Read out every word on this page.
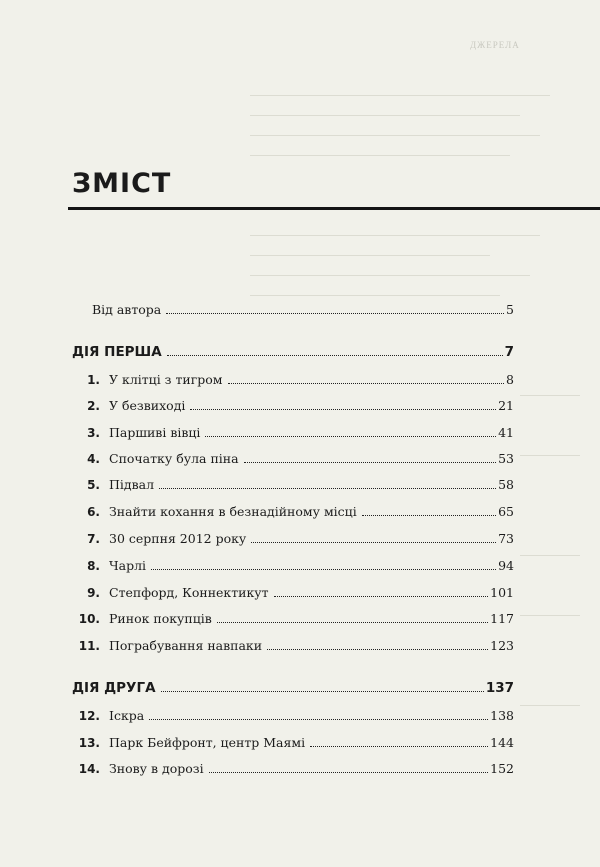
ДЖЕРЕЛА
ЗМІСТ
Від автора	5
ДІЯ ПЕРША	7
1. У клітці з тигром	8
2. У безвиході	21
3. Паршиві вівці	41
4. Спочатку була піна	53
5. Підвал	58
6. Знайти кохання в безнадійному місці	65
7. 30 серпня 2012 року	73
8. Чарлі	94
9. Степфорд, Коннектикут	101
10. Ринок покупців	117
11. Пограбування навпаки	123
ДІЯ ДРУГА	137
12. Іскра	138
13. Парк Бейфронт, центр Маямі	144
14. Знову в дорозі	152
